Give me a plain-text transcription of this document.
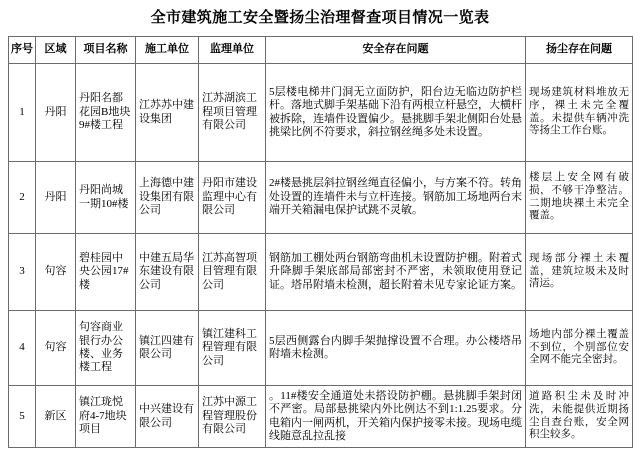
全市建筑施工安全暨扬尘治理督查项目情况一览表
序号	区域	项目名称	施工单位	监理单位	安全存在问题	扬尘存在问题
1	丹阳	丹阳名都花园B地块9#楼工程	江苏苏中建设集团	江苏湖滨工程项目管理有限公司	5层楼电梯井门洞无立面防护，阳台边无临边防护栏杆。落地式脚手架基础下沿有两根立杆悬空，大横杆被拆除，连墙件设置偏少。悬挑脚手架北侧阳台处悬挑梁比例不符要求，斜拉钢丝绳多处未设置。	现场建筑材料堆放无序，裸土未完全覆盖。未提供车辆冲洗等扬尘工作台账。
2	丹阳	丹阳尚城一期10#楼	上海德中建设集团有限公司	丹阳市建设监理中心有限公司	2#楼悬挑层斜拉钢丝绳直径偏小，与方案不符。转角处设置的连墙件未与立杆连接。钢筋加工场地两台末端开关箱漏电保护试跳不灵敏。	楼层上安全网有破损，不够干净整洁。二期地块裸土未完全覆盖。
3	句容	碧桂园中央公园17#楼	中建五局华东建设有限公司	江苏高智项目管理有限公司	钢筋加工棚处两台钢筋弯曲机未设置防护棚。附着式升降脚手架底部局部密封不严密，未领取使用登记证。塔吊附墙未检测，超长附着未见专家论证方案。	现场部分裸土未覆盖，建筑垃圾未及时清运。
4	句容	句容商业银行办公楼、业务楼工程	镇江四建有限公司	镇江建科工程管理有限公司	5层西侧露台内脚手架抛撑设置不合理。办公楼塔吊附墙未检测。	场地内部分裸土覆盖不到位，个别部位安全网不能完全密封。
5	新区	镇江珑悦府4-7地块项目	中兴建设有限公司	江苏中源工程管理股份有限公司	。11#楼安全通道处未搭设防护棚。悬挑脚手架封闭不严密。局部悬挑梁内外比例达不到1:1.25要求。分电箱内一闸两机，开关箱内保护接零未接。现场电缆线随意乱拉乱接	道路积尘未及时冲洗，未能提供近期扬尘自查台账，安全网积尘较多。
